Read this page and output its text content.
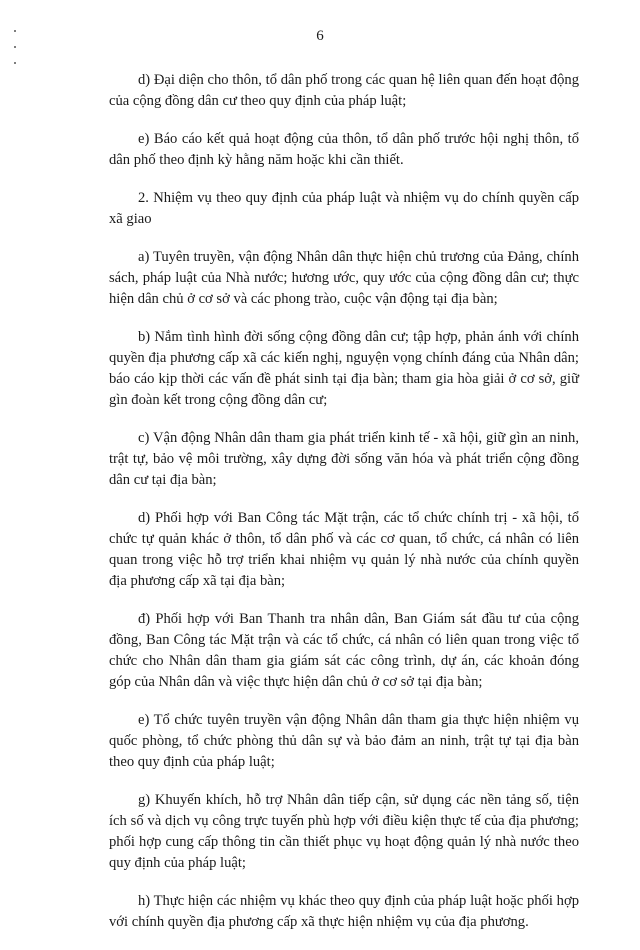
6

d) Đại diện cho thôn, tổ dân phố trong các quan hệ liên quan đến hoạt động của cộng đồng dân cư theo quy định của pháp luật;

e) Báo cáo kết quả hoạt động của thôn, tổ dân phố trước hội nghị thôn, tổ dân phố theo định kỳ hằng năm hoặc khi cần thiết.

2. Nhiệm vụ theo quy định của pháp luật và nhiệm vụ do chính quyền cấp xã giao

a) Tuyên truyền, vận động Nhân dân thực hiện chủ trương của Đảng, chính sách, pháp luật của Nhà nước; hương ước, quy ước của cộng đồng dân cư; thực hiện dân chủ ở cơ sở và các phong trào, cuộc vận động tại địa bàn;

b) Nắm tình hình đời sống cộng đồng dân cư; tập hợp, phản ánh với chính quyền địa phương cấp xã các kiến nghị, nguyện vọng chính đáng của Nhân dân; báo cáo kịp thời các vấn đề phát sinh tại địa bàn; tham gia hòa giải ở cơ sở, giữ gìn đoàn kết trong cộng đồng dân cư;

c) Vận động Nhân dân tham gia phát triển kinh tế - xã hội, giữ gìn an ninh, trật tự, bảo vệ môi trường, xây dựng đời sống văn hóa và phát triển cộng đồng dân cư tại địa bàn;

d) Phối hợp với Ban Công tác Mặt trận, các tổ chức chính trị - xã hội, tổ chức tự quản khác ở thôn, tổ dân phố và các cơ quan, tổ chức, cá nhân có liên quan trong việc hỗ trợ triển khai nhiệm vụ quản lý nhà nước của chính quyền địa phương cấp xã tại địa bàn;

đ) Phối hợp với Ban Thanh tra nhân dân, Ban Giám sát đầu tư của cộng đồng, Ban Công tác Mặt trận và các tổ chức, cá nhân có liên quan trong việc tổ chức cho Nhân dân tham gia giám sát các công trình, dự án, các khoản đóng góp của Nhân dân và việc thực hiện dân chủ ở cơ sở tại địa bàn;

e) Tổ chức tuyên truyền vận động Nhân dân tham gia thực hiện nhiệm vụ quốc phòng, tổ chức phòng thủ dân sự và bảo đảm an ninh, trật tự tại địa bàn theo quy định của pháp luật;

g) Khuyến khích, hỗ trợ Nhân dân tiếp cận, sử dụng các nền tảng số, tiện ích số và dịch vụ công trực tuyến phù hợp với điều kiện thực tế của địa phương; phối hợp cung cấp thông tin cần thiết phục vụ hoạt động quản lý nhà nước theo quy định của pháp luật;

h) Thực hiện các nhiệm vụ khác theo quy định của pháp luật hoặc phối hợp với chính quyền địa phương cấp xã thực hiện nhiệm vụ của địa phương.
